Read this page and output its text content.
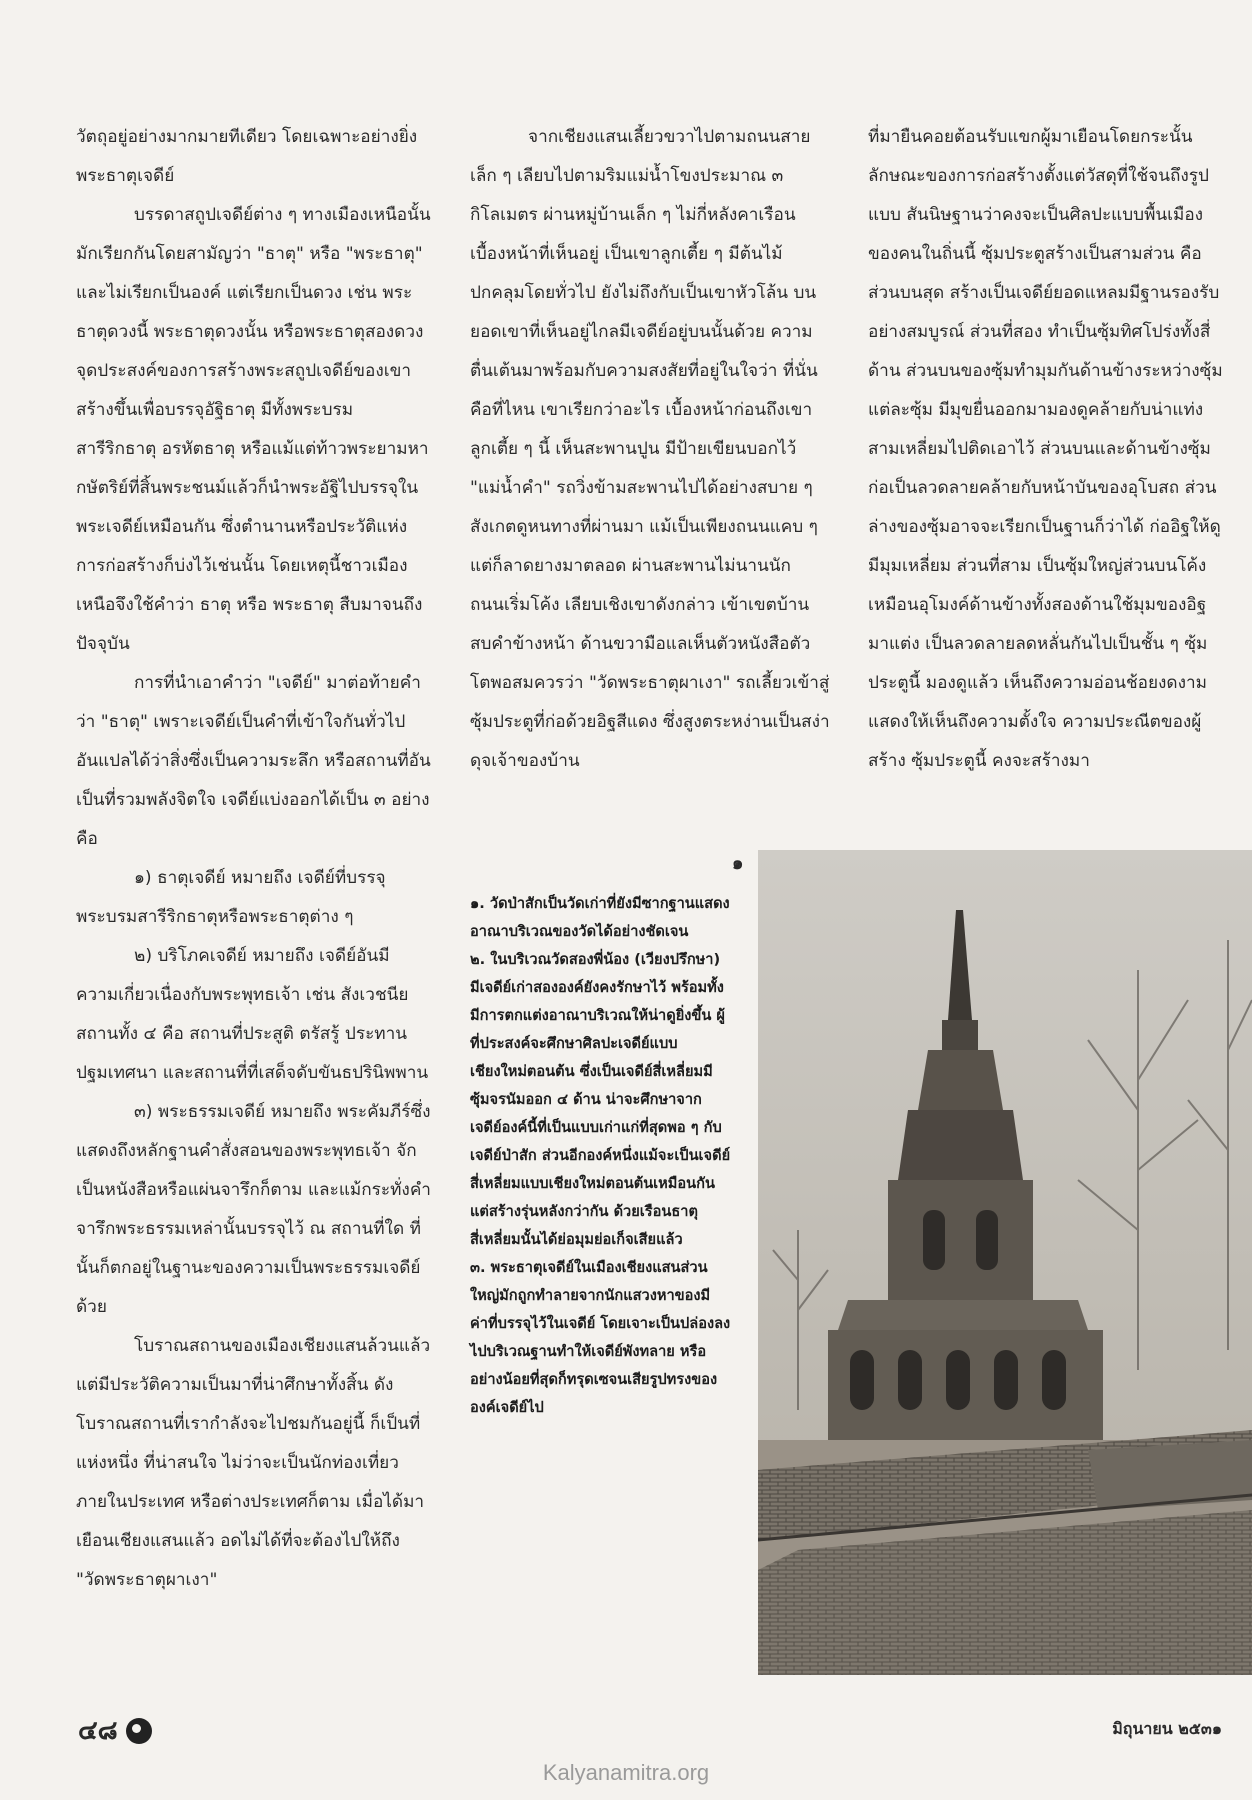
วัตถุอยู่อย่างมากมายทีเดียว โดยเฉพาะอย่างยิ่ง พระธาตุเจดีย์

บรรดาสถูปเจดีย์ต่าง ๆ ทางเมืองเหนือนั้นมักเรียกกันโดยสามัญว่า "ธาตุ" หรือ "พระธาตุ" และไม่เรียกเป็นองค์ แต่เรียกเป็นดวง เช่น พระธาตุดวงนี้ พระธาตุดวงนั้น หรือพระธาตุสองดวง จุดประสงค์ของการสร้างพระสถูปเจดีย์ของเขา สร้างขึ้นเพื่อบรรจุอัฐิธาตุ มีทั้งพระบรมสารีริกธาตุ อรหัตธาตุ หรือแม้แต่ท้าวพระยามหากษัตริย์ที่สิ้นพระชนม์แล้วก็นำพระอัฐิไปบรรจุในพระเจดีย์เหมือนกัน ซึ่งตำนานหรือประวัติแห่งการก่อสร้างก็บ่งไว้เช่นนั้น โดยเหตุนี้ชาวเมืองเหนือจึงใช้คำว่า ธาตุ หรือ พระธาตุ สืบมาจนถึงปัจจุบัน

การที่นำเอาคำว่า "เจดีย์" มาต่อท้ายคำว่า "ธาตุ" เพราะเจดีย์เป็นคำที่เข้าใจกันทั่วไป อันแปลได้ว่าสิ่งซึ่งเป็นความระลึก หรือสถานที่อันเป็นที่รวมพลังจิตใจ เจดีย์แบ่งออกได้เป็น ๓ อย่างคือ

๑) ธาตุเจดีย์ หมายถึง เจดีย์ที่บรรจุพระบรมสารีริกธาตุหรือพระธาตุต่าง ๆ

๒) บริโภคเจดีย์ หมายถึง เจดีย์อันมีความเกี่ยวเนื่องกับพระพุทธเจ้า เช่น สังเวชนียสถานทั้ง ๔ คือ สถานที่ประสูติ ตรัสรู้ ประทานปฐมเทศนา และสถานที่ที่เสด็จดับขันธปรินิพพาน

๓) พระธรรมเจดีย์ หมายถึง พระคัมภีร์ซึ่งแสดงถึงหลักฐานคำสั่งสอนของพระพุทธเจ้า จักเป็นหนังสือหรือแผ่นจารึกก็ตาม และแม้กระทั่งคำจารึกพระธรรมเหล่านั้นบรรจุไว้ ณ สถานที่ใด ที่นั้นก็ตกอยู่ในฐานะของความเป็นพระธรรมเจดีย์ด้วย

โบราณสถานของเมืองเชียงแสนล้วนแล้วแต่มีประวัติความเป็นมาที่น่าศึกษาทั้งสิ้น ดังโบราณสถานที่เรากำลังจะไปชมกันอยู่นี้ ก็เป็นที่แห่งหนึ่ง ที่น่าสนใจ ไม่ว่าจะเป็นนักท่องเที่ยวภายในประเทศ หรือต่างประเทศก็ตาม เมื่อได้มาเยือนเชียงแสนแล้ว อดไม่ได้ที่จะต้องไปให้ถึง "วัดพระธาตุผาเงา"

จากเชียงแสนเลี้ยวขวาไปตามถนนสายเล็ก ๆ เลียบไปตามริมแม่น้ำโขงประมาณ ๓ กิโลเมตร ผ่านหมู่บ้านเล็ก ๆ ไม่กี่หลังคาเรือน เบื้องหน้าที่เห็นอยู่ เป็นเขาลูกเตี้ย ๆ มีต้นไม้ปกคลุมโดยทั่วไป ยังไม่ถึงกับเป็นเขาหัวโล้น บนยอดเขาที่เห็นอยู่ไกลมีเจดีย์อยู่บนนั้นด้วย ความตื่นเต้นมาพร้อมกับความสงสัยที่อยู่ในใจว่า ที่นั่นคือที่ไหน เขาเรียกว่าอะไร เบื้องหน้าก่อนถึงเขาลูกเตี้ย ๆ นี้ เห็นสะพานปูน มีป้ายเขียนบอกไว้ "แม่น้ำคำ" รถวิ่งข้ามสะพานไปได้อย่างสบาย ๆ สังเกตดูหนทางที่ผ่านมา แม้เป็นเพียงถนนแคบ ๆ แต่ก็ลาดยางมาตลอด ผ่านสะพานไม่นานนัก ถนนเริ่มโค้ง เลียบเชิงเขาดังกล่าว เข้าเขตบ้านสบคำข้างหน้า ด้านขวามือแลเห็นตัวหนังสือตัวโตพอสมควรว่า "วัดพระธาตุผาเงา" รถเลี้ยวเข้าสู่ซุ้มประตูที่ก่อด้วยอิฐสีแดง ซึ่งสูงตระหง่านเป็นสง่าดุจเจ้าของบ้าน

ที่มายืนคอยต้อนรับแขกผู้มาเยือนโดยกระนั้นลักษณะของการก่อสร้างตั้งแต่วัสดุที่ใช้จนถึงรูปแบบ สันนิษฐานว่าคงจะเป็นศิลปะแบบพื้นเมืองของคนในถิ่นนี้ ซุ้มประตูสร้างเป็นสามส่วน คือส่วนบนสุด สร้างเป็นเจดีย์ยอดแหลมมีฐานรองรับอย่างสมบูรณ์ ส่วนที่สอง ทำเป็นซุ้มทิศโปร่งทั้งสี่ด้าน ส่วนบนของซุ้มทำมุมกันด้านข้างระหว่างซุ้มแต่ละซุ้ม มีมุขยื่นออกมามองดูคล้ายกับน่าแท่งสามเหลี่ยมไปติดเอาไว้ ส่วนบนและด้านข้างซุ้มก่อเป็นลวดลายคล้ายกับหน้าบันของอุโบสถ ส่วนล่างของซุ้มอาจจะเรียกเป็นฐานก็ว่าได้ ก่ออิฐให้ดูมีมุมเหลี่ยม ส่วนที่สาม เป็นซุ้มใหญ่ส่วนบนโค้งเหมือนอุโมงค์ด้านข้างทั้งสองด้านใช้มุมของอิฐมาแต่ง เป็นลวดลายลดหลั่นกันไปเป็นชั้น ๆ ซุ้มประตูนี้ มองดูแล้ว เห็นถึงความอ่อนช้อยงดงามแสดงให้เห็นถึงความตั้งใจ ความประณีตของผู้สร้าง ซุ้มประตูนี้ คงจะสร้างมา

๑

๑. วัดป่าสักเป็นวัดเก่าที่ยังมีซากฐานแสดงอาณาบริเวณของวัดได้อย่างชัดเจน

๒. ในบริเวณวัดสองพี่น้อง (เวียงปรึกษา) มีเจดีย์เก่าสององค์ยังคงรักษาไว้ พร้อมทั้งมีการตกแต่งอาณาบริเวณให้น่าดูยิ่งขึ้น ผู้ที่ประสงค์จะศึกษาศิลปะเจดีย์แบบเชียงใหม่ตอนต้น ซึ่งเป็นเจดีย์สี่เหลี่ยมมีซุ้มจรนัมออก ๔ ด้าน น่าจะศึกษาจากเจดีย์องค์นี้ที่เป็นแบบเก่าแก่ที่สุดพอ ๆ กับเจดีย์ป่าสัก ส่วนอีกองค์หนึ่งแม้จะเป็นเจดีย์สี่เหลี่ยมแบบเชียงใหม่ตอนต้นเหมือนกัน แต่สร้างรุ่นหลังกว่ากัน ด้วยเรือนธาตุสี่เหลี่ยมนั้นได้ย่อมุมย่อเก็จเสียแล้ว

๓. พระธาตุเจดีย์ในเมืองเชียงแสนส่วนใหญ่มักถูกทำลายจากนักแสวงหาของมีค่าที่บรรจุไว้ในเจดีย์ โดยเจาะเป็นปล่องลงไปบริเวณฐานทำให้เจดีย์พังทลาย หรืออย่างน้อยที่สุดก็ทรุดเซจนเสียรูปทรงขององค์เจดีย์ไป

๔๘	มิถุนายน ๒๕๓๑
Kalyanamitra.org
